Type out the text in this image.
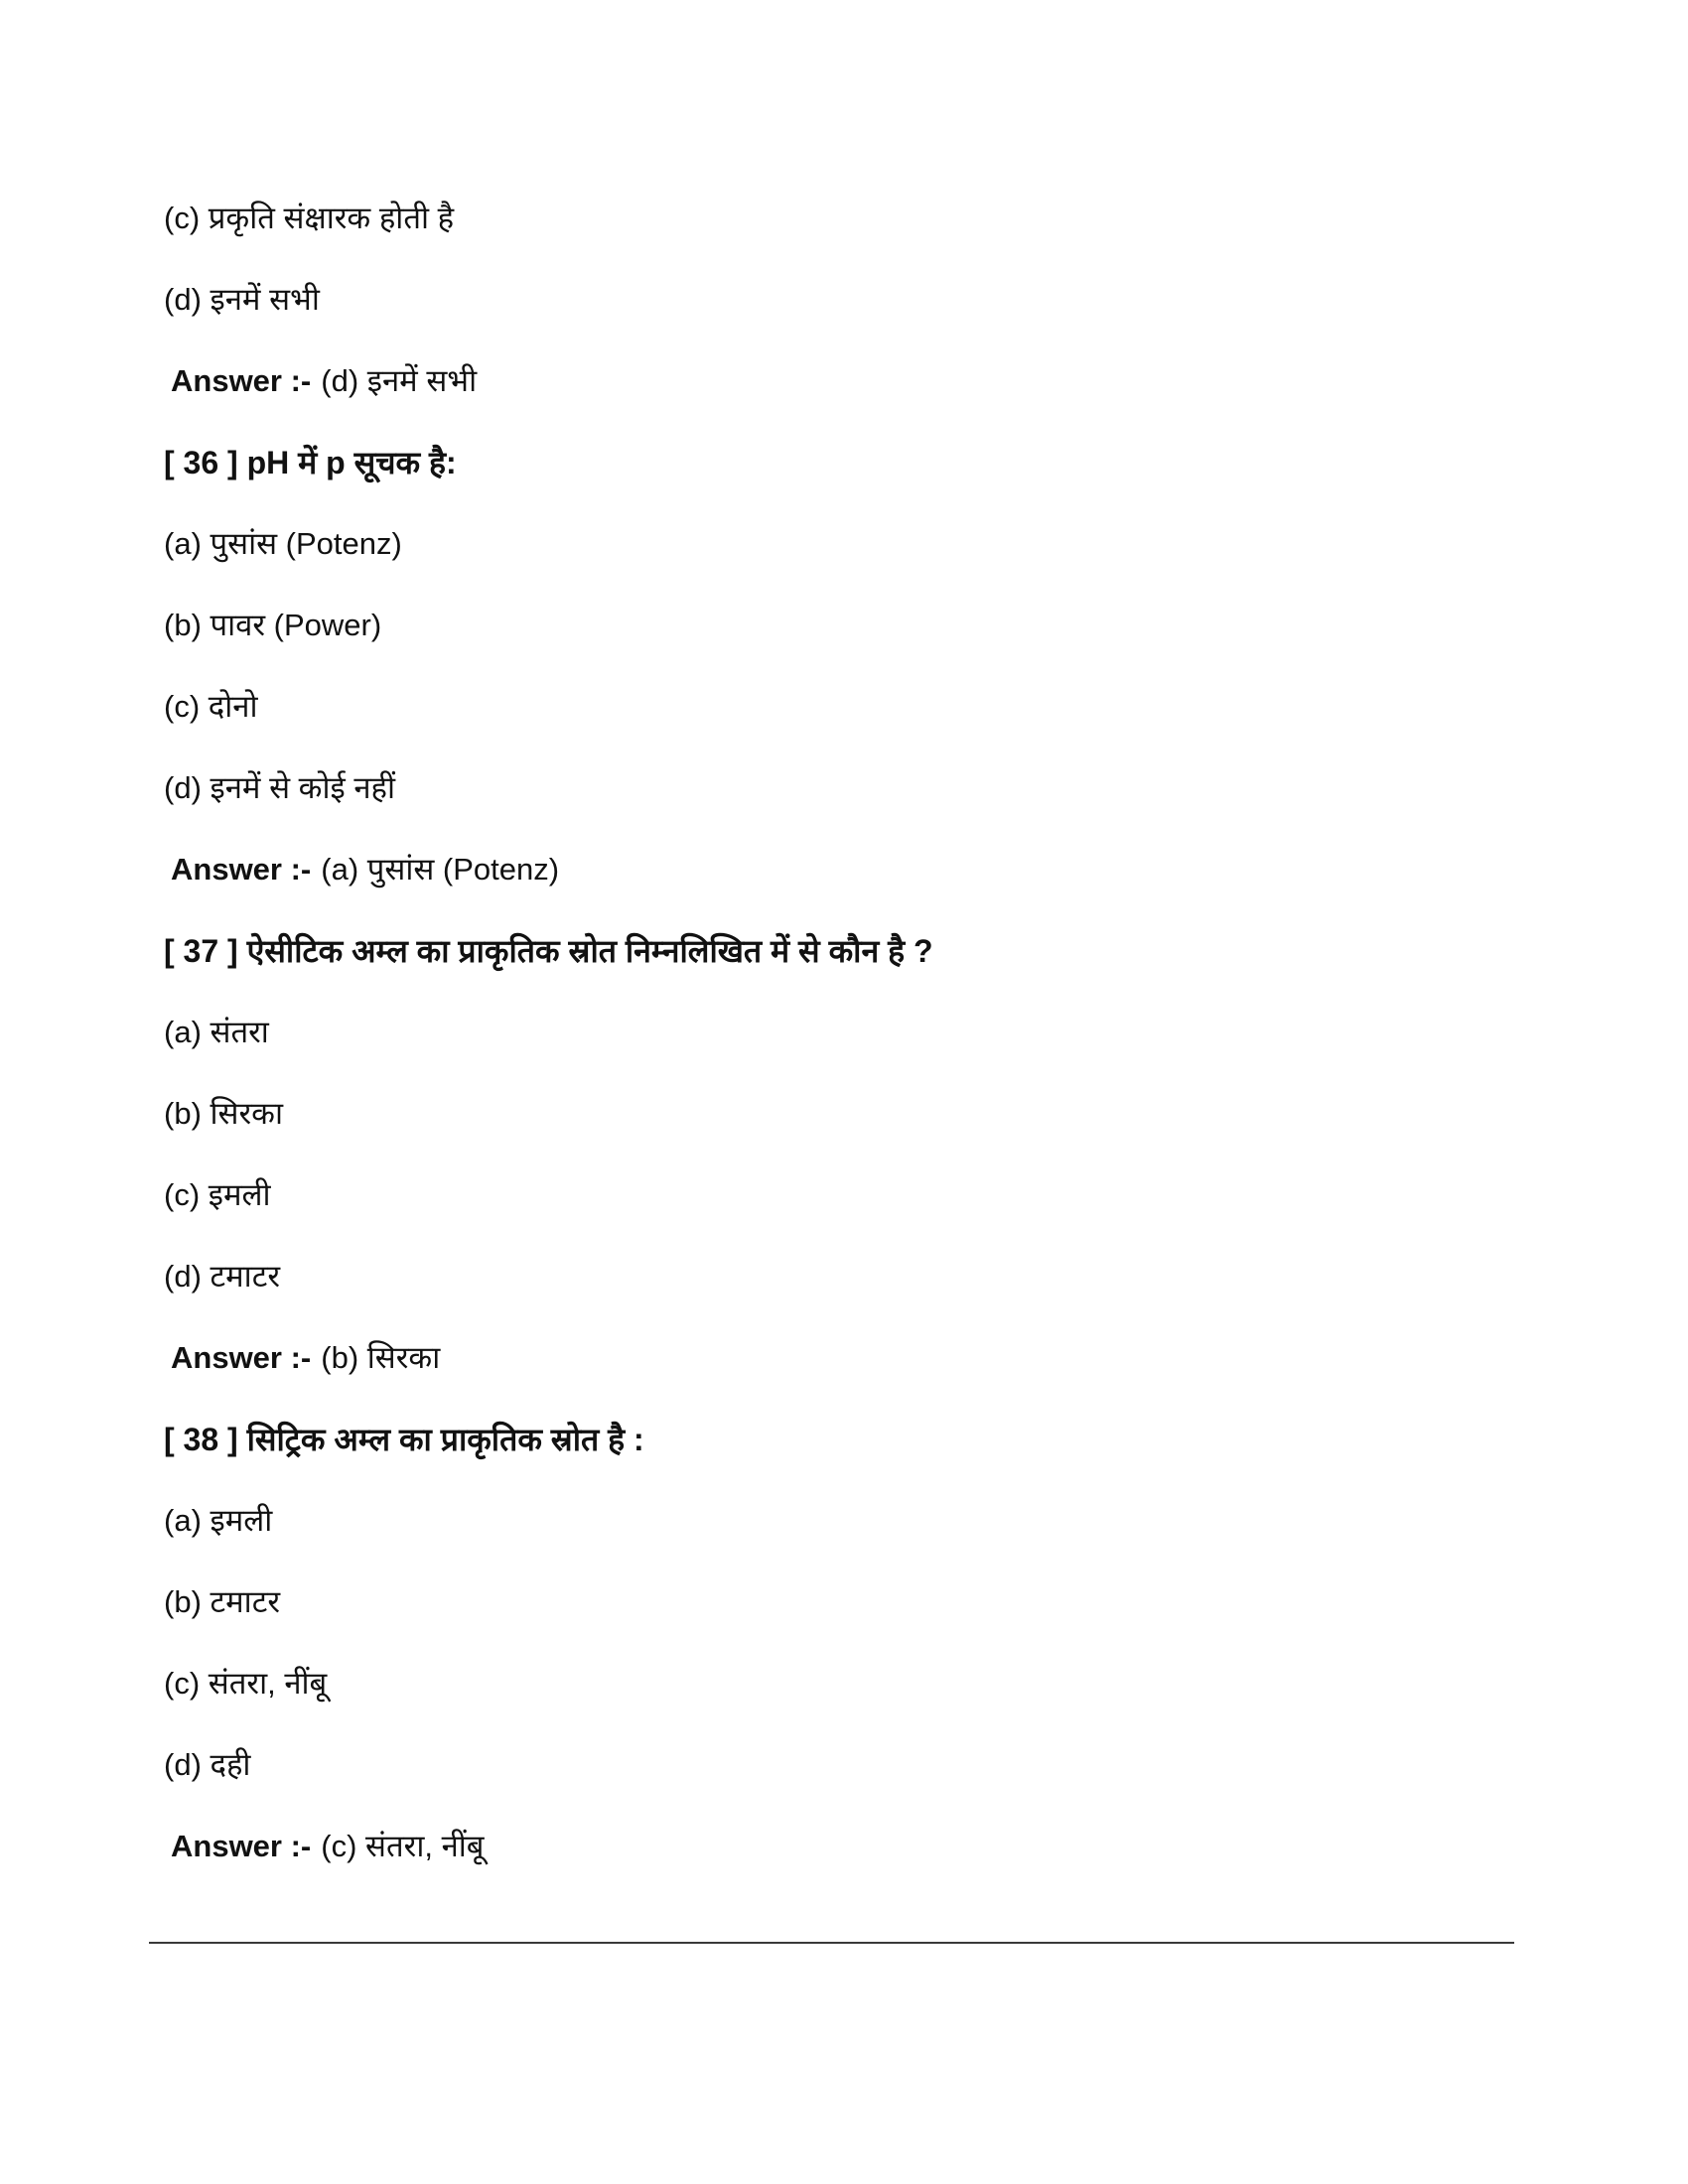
(c) प्रकृति संक्षारक होती है
(d) इनमें सभी
Answer :- (d) इनमें सभी
[ 36 ] pH में p सूचक है:
(a) पुसांस (Potenz)
(b) पावर (Power)
(c) दोनो
(d) इनमें से कोई नहीं
Answer :- (a) पुसांस (Potenz)
[ 37 ] ऐसीटिक अम्ल का प्राकृतिक स्रोत निम्नलिखित में से कौन है ?
(a) संतरा
(b) सिरका
(c) इमली
(d) टमाटर
Answer :- (b) सिरका
[ 38 ] सिट्रिक अम्ल का प्राकृतिक स्रोत है :
(a) इमली
(b) टमाटर
(c) संतरा, नींबू
(d) दही
Answer :- (c) संतरा, नींबू
